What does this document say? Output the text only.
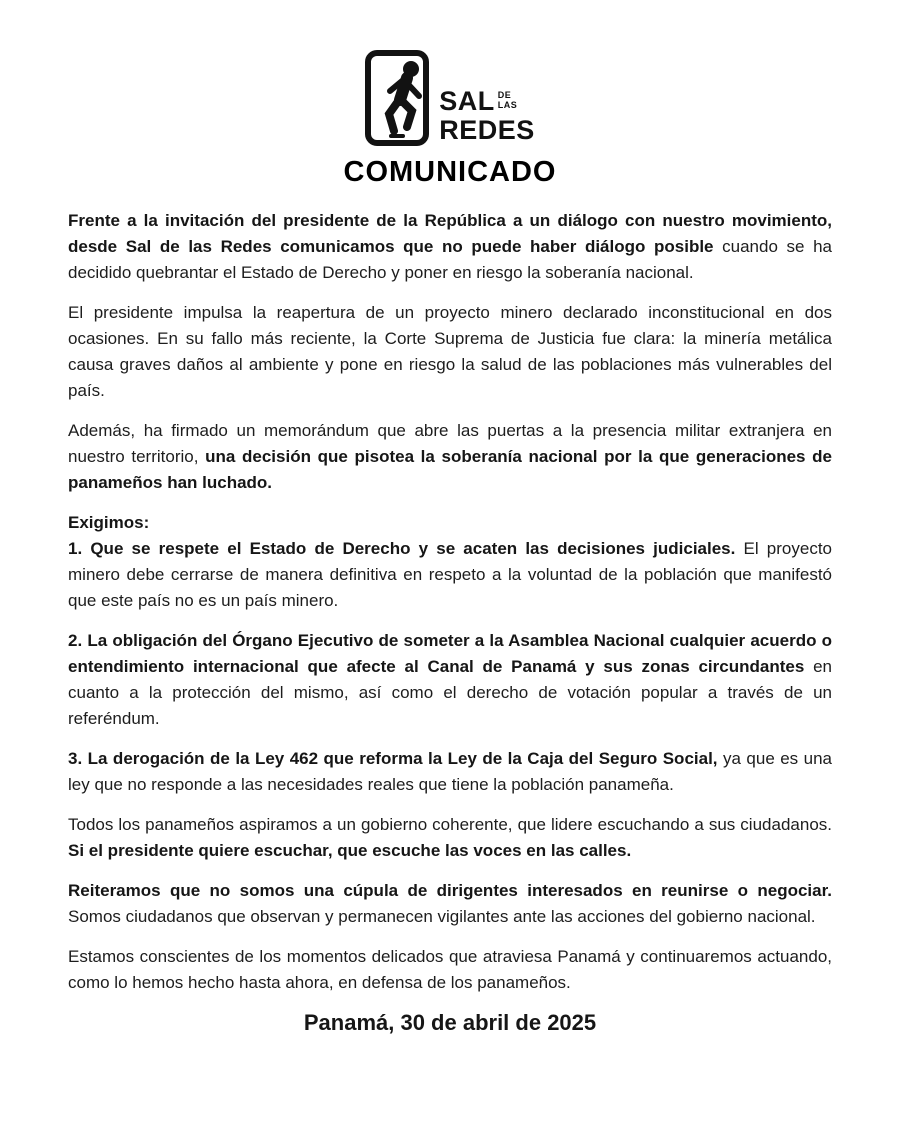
SAL DE
LAS
REDES
COMUNICADO

Frente a la invitación del presidente de la República a un diálogo con nuestro movimiento, desde Sal de las Redes comunicamos que no puede haber diálogo posible cuando se ha decidido quebrantar el Estado de Derecho y poner en riesgo la soberanía nacional.

El presidente impulsa la reapertura de un proyecto minero declarado inconstitucional en dos ocasiones. En su fallo más reciente, la Corte Suprema de Justicia fue clara: la minería metálica causa graves daños al ambiente y pone en riesgo la salud de las poblaciones más vulnerables del país.

Además, ha firmado un memorándum que abre las puertas a la presencia militar extranjera en nuestro territorio, una decisión que pisotea la soberanía nacional por la que generaciones de panameños han luchado.

Exigimos:

1. Que se respete el Estado de Derecho y se acaten las decisiones judiciales. El proyecto minero debe cerrarse de manera definitiva en respeto a la voluntad de la población que manifestó que este país no es un país minero.

2. La obligación del Órgano Ejecutivo de someter a la Asamblea Nacional cualquier acuerdo o entendimiento internacional que afecte al Canal de Panamá y sus zonas circundantes en cuanto a la protección del mismo, así como el derecho de votación popular a través de un referéndum.

3. La derogación de la Ley 462 que reforma la Ley de la Caja del Seguro Social, ya que es una ley que no responde a las necesidades reales que tiene la población panameña.

Todos los panameños aspiramos a un gobierno coherente, que lidere escuchando a sus ciudadanos. Si el presidente quiere escuchar, que escuche las voces en las calles.

Reiteramos que no somos una cúpula de dirigentes interesados en reunirse o negociar. Somos ciudadanos que observan y permanecen vigilantes ante las acciones del gobierno nacional.

Estamos conscientes de los momentos delicados que atraviesa Panamá y continuaremos actuando, como lo hemos hecho hasta ahora, en defensa de los panameños.

Panamá, 30 de abril de 2025
